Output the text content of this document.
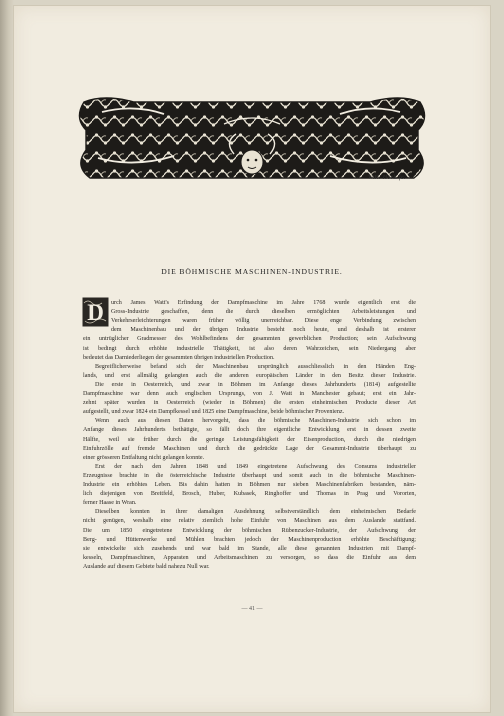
W.H. Hörl. fc.
DIE BÖHMISCHE MASCHINEN-INDUSTRIE.
D urch James Watt's Erfindung der Dampfmaschine im Jahre 1768 wurde eigentlich erst die
Gross-Industrie geschaffen, denn die durch dieselben ermöglichten Arbeitsleistungen und
Verkehrserleichterungen waren früher völlig unerreichbar. Diese enge Verbindung zwischen
dem Maschinenbau und der übrigen Industrie besteht noch heute, und deshalb ist ersterer
ein untrüglicher Gradmesser des Wohlbefindens der gesammten gewerblichen Production; sein Aufschwung
ist bedingt durch erhöhte industrielle Thätigkeit, ist also deren Wahrzeichen, sein Niedergang aber
bedeutet das Darniederliegen der gesammten übrigen industriellen Production.
Begreiflicherweise befand sich der Maschinenbau ursprünglich ausschliesslich in den Händen Eng-
lands, und erst allmälig gelangten auch die anderen europäischen Länder in den Besitz dieser Industrie.
Die erste in Oesterreich, und zwar in Böhmen im Anfange dieses Jahrhunderts (1814) aufgestellte
Dampfmaschine war denn auch englischen Ursprungs, von J. Watt in Manchester gebaut; erst ein Jahr-
zehnt später wurden in Oesterreich (wieder in Böhmen) die ersten einheimischen Producte dieser Art
aufgestellt, und zwar 1824 ein Dampfkessel und 1825 eine Dampfmaschine, beide böhmischer Provenienz.
Wenn auch aus diesen Daten hervorgeht, dass die böhmische Maschinen-Industrie sich schon im
Anfange dieses Jahrhunderts bethätigte, so fällt doch ihre eigentliche Entwicklung erst in dessen zweite
Hälfte, weil sie früher durch die geringe Leistungsfähigkeit der Eisenproduction, durch die niedrigen
Einfuhrzölle auf fremde Maschinen und durch die gedrückte Lage der Gesammt-Industrie überhaupt zu
einer grösseren Entfaltung nicht gelangen konnte.
Erst der nach den Jahren 1848 und 1849 eingetretene Aufschwung des Consums industrieller
Erzeugnisse brachte in die österreichische Industrie überhaupt und somit auch in die böhmische Maschinen-
Industrie ein erhöhtes Leben. Bis dahin hatten in Böhmen nur sieben Maschinenfabriken bestanden, näm-
lich diejenigen von Breitfeld, Brosch, Huber, Kubasek, Ringhoffer und Thomas in Prag und Vororten,
ferner Haase in Wran.
Dieselben konnten in ihrer damaligen Ausdehnung selbstverständlich dem einheimischen Bedarfe
nicht genügen, weshalb eine relativ ziemlich hohe Einfuhr von Maschinen aus dem Auslande stattfand.
Die um 1850 eingetretene Entwicklung der böhmischen Rübenzucker-Industrie, der Aufschwung der
Berg- und Hüttenwerke und Mühlen brachten jedoch der Maschinenproduction erhöhte Beschäftigung;
sie entwickelte sich zusehends und war bald im Stande, alle diese genannten Industrien mit Dampf-
kesseln, Dampfmaschinen, Apparaten und Arbeitsmaschinen zu versorgen, so dass die Einfuhr aus dem
Auslande auf diesem Gebiete bald nahezu Null war.
— 41 —
